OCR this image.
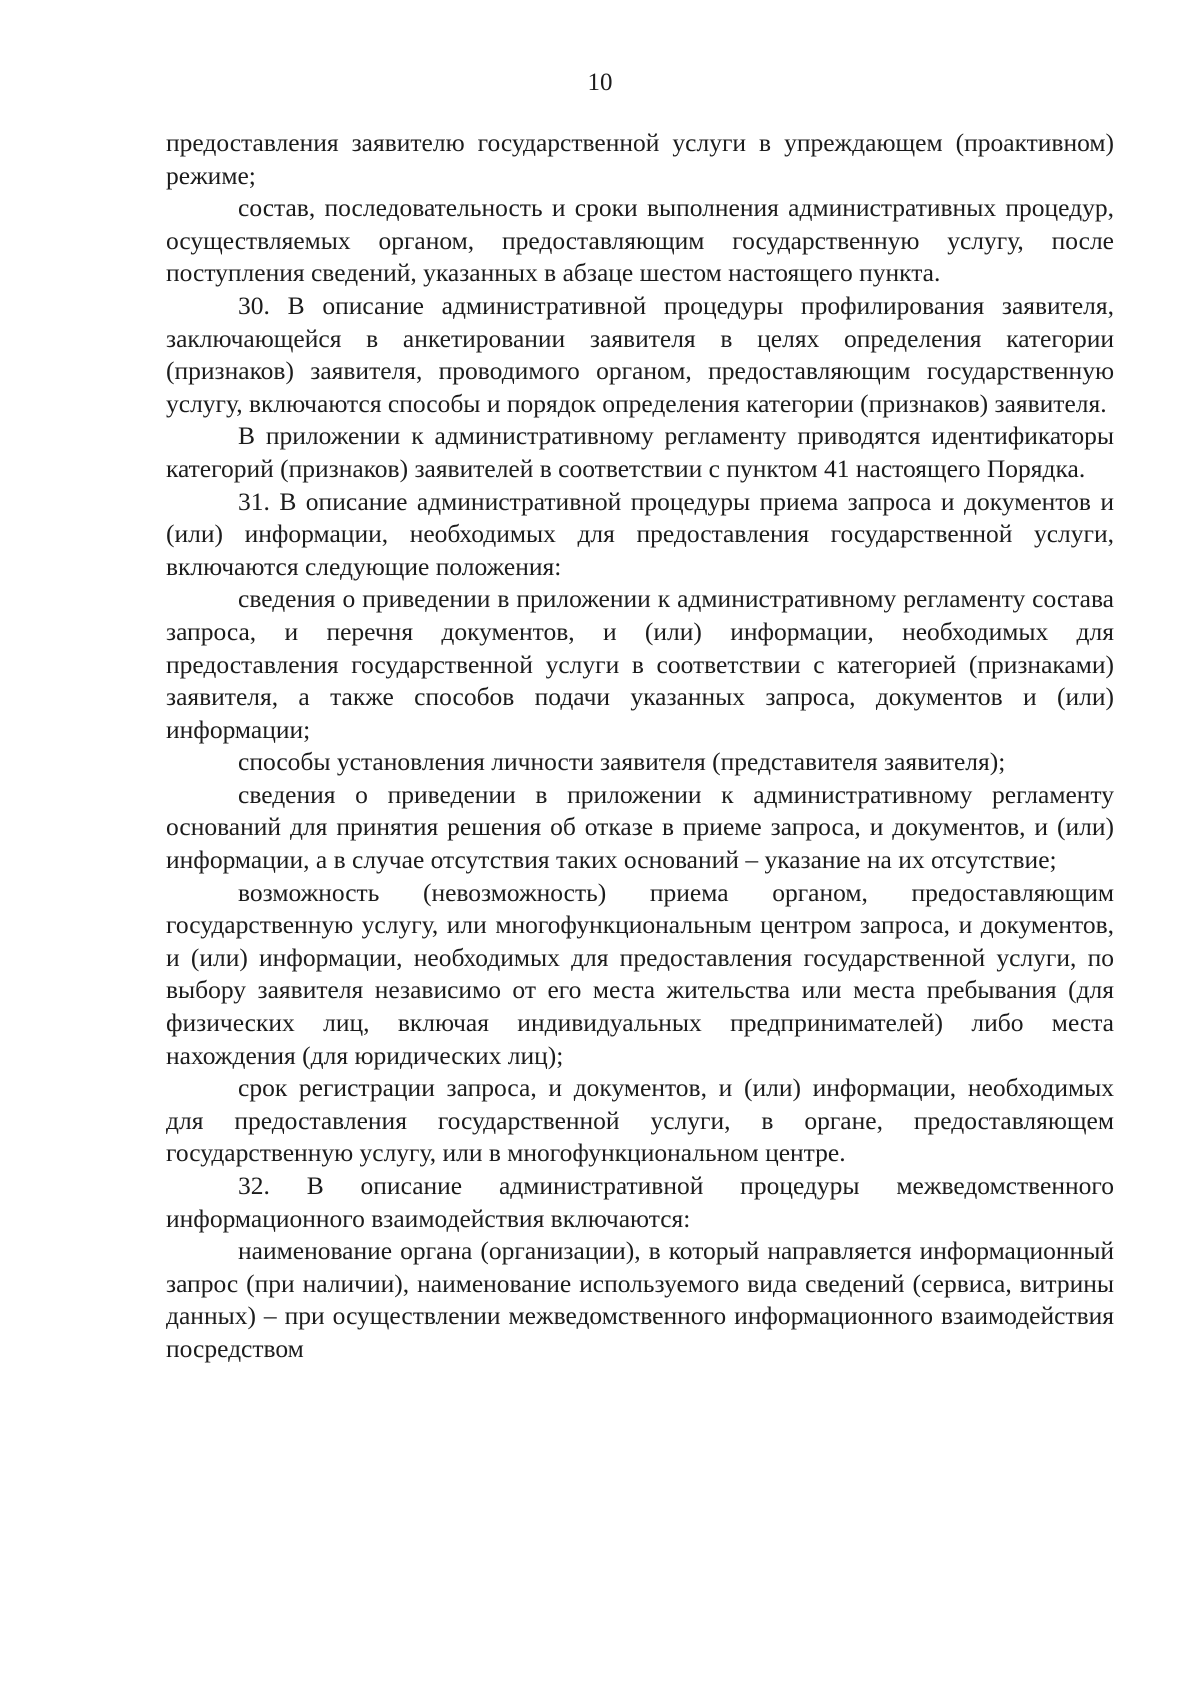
10

предоставления заявителю государственной услуги в упреждающем (проактивном) режиме;

состав, последовательность и сроки выполнения административных процедур, осуществляемых органом, предоставляющим государственную услугу, после поступления сведений, указанных в абзаце шестом настоящего пункта.

30. В описание административной процедуры профилирования заявителя, заключающейся в анкетировании заявителя в целях определения категории (признаков) заявителя, проводимого органом, предоставляющим государственную услугу, включаются способы и порядок определения категории (признаков) заявителя.

В приложении к административному регламенту приводятся идентификаторы категорий (признаков) заявителей в соответствии с пунктом 41 настоящего Порядка.

31. В описание административной процедуры приема запроса и документов и (или) информации, необходимых для предоставления государственной услуги, включаются следующие положения:

сведения о приведении в приложении к административному регламенту состава запроса, и перечня документов, и (или) информации, необходимых для предоставления государственной услуги в соответствии с категорией (признаками) заявителя, а также способов подачи указанных запроса, документов и (или) информации;

способы установления личности заявителя (представителя заявителя);

сведения о приведении в приложении к административному регламенту оснований для принятия решения об отказе в приеме запроса, и документов, и (или) информации, а в случае отсутствия таких оснований – указание на их отсутствие;

возможность (невозможность) приема органом, предоставляющим государственную услугу, или многофункциональным центром запроса, и документов, и (или) информации, необходимых для предоставления государственной услуги, по выбору заявителя независимо от его места жительства или места пребывания (для физических лиц, включая индивидуальных предпринимателей) либо места нахождения (для юридических лиц);

срок регистрации запроса, и документов, и (или) информации, необходимых для предоставления государственной услуги, в органе, предоставляющем государственную услугу, или в многофункциональном центре.

32. В описание административной процедуры межведомственного информационного взаимодействия включаются:

наименование органа (организации), в который направляется информационный запрос (при наличии), наименование используемого вида сведений (сервиса, витрины данных) – при осуществлении межведомственного информационного взаимодействия посредством
